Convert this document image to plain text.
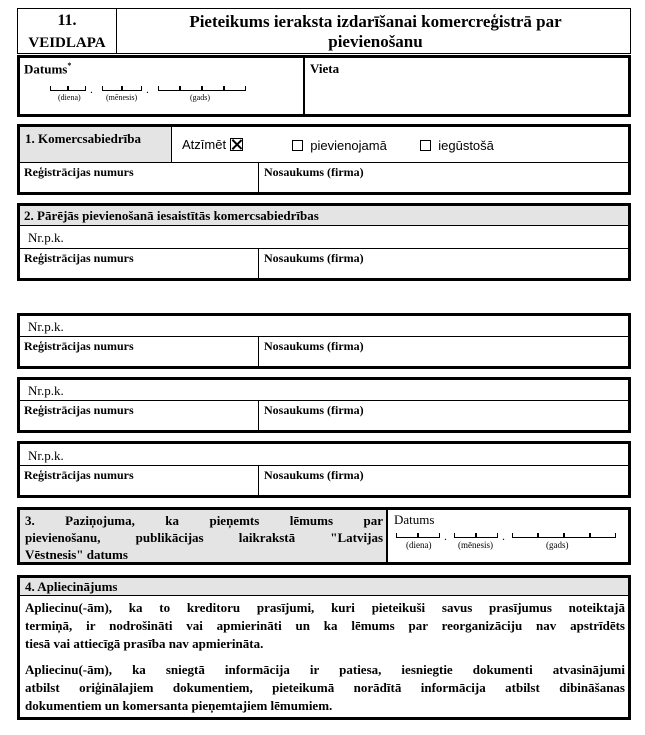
11.
VEIDLAPA
Pieteikums ieraksta izdarīšanai komercreģistrā par pievienošanu
Datums*
.	.
(diena)	(mēnesis)	(gads)
Vieta
1. Komercsabiedrība	Atzīmēt	pievienojamā	iegūstošā
Reģistrācijas numurs	Nosaukums (firma)
2. Pārējās pievienošanā iesaistītās komercsabiedrības
Nr.p.k.
Reģistrācijas numurs	Nosaukums (firma)
Nr.p.k.
Reģistrācijas numurs	Nosaukums (firma)
Nr.p.k.
Reģistrācijas numurs	Nosaukums (firma)
Nr.p.k.
Reģistrācijas numurs	Nosaukums (firma)
3. Paziņojuma, ka pieņemts lēmums par
pievienošanu, publikācijas laikrakstā "Latvijas
Vēstnesis" datums
Datums
.	.
(diena)	(mēnesis)	(gads)
4. Apliecinājums
Apliecinu(-ām), ka to kreditoru prasījumi, kuri pieteikuši savus prasījumus noteiktajā
termiņā, ir nodrošināti vai apmierināti un ka lēmums par reorganizāciju nav apstrīdēts
tiesā vai attiecīgā prasība nav apmierināta.
Apliecinu(-ām), ka sniegtā informācija ir patiesa, iesniegtie dokumenti atvasinājumi
atbilst oriģinālajiem dokumentiem, pieteikumā norādītā informācija atbilst dibināšanas
dokumentiem un komersanta pieņemtajiem lēmumiem.
